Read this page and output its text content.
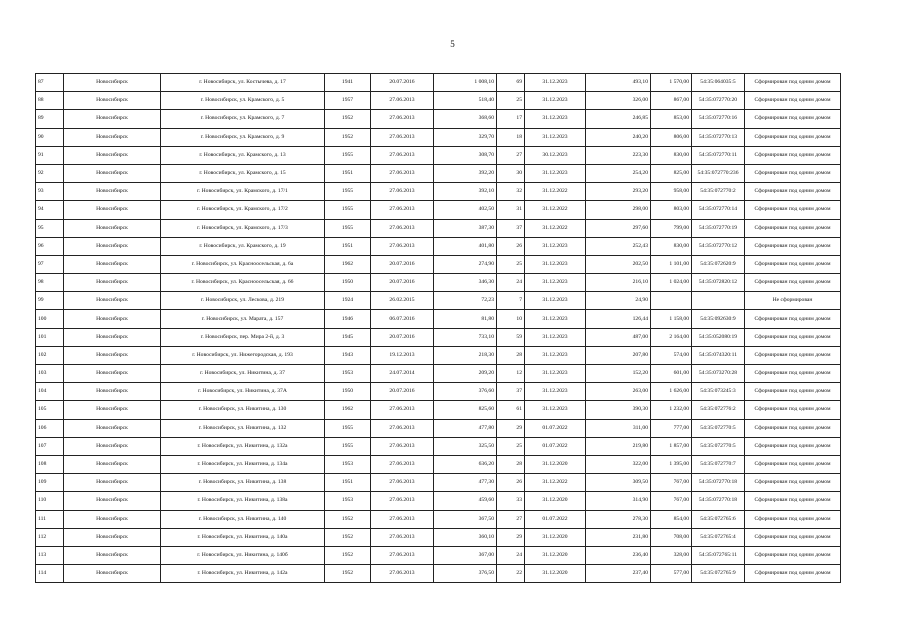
5
87	Новосибирск	г. Новосибирск, ул. Костычева, д. 17	1941	20.07.2016	1 008,10	69	31.12.2023	493,10	1 570,00	54:35:064035:5	Сформирован под одним домом
88	Новосибирск	г. Новосибирск, ул. Крамского, д. 5	1957	27.06.2013	518,40	25	31.12.2023	326,00	867,00	54:35:072770:20	Сформирован под одним домом
89	Новосибирск	г. Новосибирск, ул. Крамского, д. 7	1952	27.06.2013	368,60	17	31.12.2023	246,85	853,00	54:35:072770:16	Сформирован под одним домом
90	Новосибирск	г. Новосибирск, ул. Крамского, д. 9	1952	27.06.2013	329,70	18	31.12.2023	240,20	806,00	54:35:072770:13	Сформирован под одним домом
91	Новосибирск	г. Новосибирск, ул. Крамского, д. 13	1955	27.06.2013	308,70	27	30.12.2023	223,30	830,00	54:35:072770:11	Сформирован под одним домом
92	Новосибирск	г. Новосибирск, ул. Крамского, д. 15	1951	27.06.2013	392,20	30	31.12.2023	254,20	825,00	54:35:072770:236	Сформирован под одним домом
93	Новосибирск	г. Новосибирск, ул. Крамского, д. 17/1	1955	27.06.2013	392,10	32	31.12.2022	293,20	958,00	54:35:072770:2	Сформирован под одним домом
94	Новосибирск	г. Новосибирск, ул. Крамского, д. 17/2	1955	27.06.2013	402,50	31	31.12.2022	298,00	803,00	54:35:072770:14	Сформирован под одним домом
95	Новосибирск	г. Новосибирск, ул. Крамского, д. 17/3	1955	27.06.2013	387,30	37	31.12.2022	297,60	799,00	54:35:072770:19	Сформирован под одним домом
96	Новосибирск	г. Новосибирск, ул. Крамского, д. 19	1951	27.06.2013	401,80	26	31.12.2023	252,43	830,00	54:35:072770:12	Сформирован под одним домом
97	Новосибирск	г. Новосибирск, ул. Красноосельская, д. 6а	1962	20.07.2016	274,90	25	31.12.2023	202,50	1 101,00	54:35:072620:9	Сформирован под одним домом
98	Новосибирск	г. Новосибирск, ул. Красноосельская, д. 66	1950	20.07.2016	346,30	24	31.12.2023	216,10	1 024,00	54:35:072820:12	Сформирован под одним домом
99	Новосибирск	г. Новосибирск, ул. Лескова, д. 219	1924	26.02.2015	72,23	7	31.12.2023	24,90			Не сформирован
100	Новосибирск	г. Новосибирск, ул. Марата, д. 157	1946	06.07.2016	81,80	10	31.12.2023	126,44	1 158,00	54:35:092630:9	Сформирован под одним домом
101	Новосибирск	г. Новосибирск, пер. Мира 2-й, д. 3	1945	20.07.2016	733,10	59	31.12.2023	487,00	2 164,00	54:35:052080:19	Сформирован под одним домом
102	Новосибирск	г. Новосибирск, ул. Нижегородская, д. 193	1943	19.12.2013	218,30	28	31.12.2023	207,80	574,00	54:35:074320:11	Сформирован под одним домом
103	Новосибирск	г. Новосибирск, ул. Никитина, д. 37	1953	24.07.2014	209,20	12	31.12.2023	152,20	601,00	54:35:073270:28	Сформирован под одним домом
104	Новосибирск	г. Новосибирск, ул. Никитина, д. 37А	1950	20.07.2016	376,60	37	31.12.2023	263,00	1 626,00	54:35:073245:3	Сформирован под одним домом
105	Новосибирск	г. Новосибирск, ул. Никитина, д. 130	1962	27.06.2013	825,60	61	31.12.2023	390,30	1 232,00	54:35:072776:2	Сформирован под одним домом
106	Новосибирск	г. Новосибирск, ул. Никитина, д. 132	1955	27.06.2013	477,80	29	01.07.2022	311,00	777,00	54:35:072770:5	Сформирован под одним домом
107	Новосибирск	г. Новосибирск, ул. Никитина, д. 132а	1955	27.06.2013	325,50	25	01.07.2022	219,80	1 857,00	54:35:072770:5	Сформирован под одним домом
108	Новосибирск	г. Новосибирск, ул. Никитина, д. 134а	1953	27.06.2013	636,20	28	31.12.2020	322,00	1 395,00	54:35:072770:7	Сформирован под одним домом
109	Новосибирск	г. Новосибирск, ул. Никитина, д. 138	1951	27.06.2013	477,30	26	31.12.2022	309,50	767,00	54:35:072770:18	Сформирован под одним домом
110	Новосибирск	г. Новосибирск, ул. Никитина, д. 138а	1953	27.06.2013	459,60	33	31.12.2020	314,90	767,00	54:35:072770:18	Сформирован под одним домом
111	Новосибирск	г. Новосибирск, ул. Никитина, д. 140	1952	27.06.2013	367,50	27	01.07.2022	278,30	854,00	54:35:072765:6	Сформирован под одним домом
112	Новосибирск	г. Новосибирск, ул. Никитина, д. 140а	1952	27.06.2013	360,10	29	31.12.2020	231,80	708,00	54:35:072765:4	Сформирован под одним домом
113	Новосибирск	г. Новосибирск, ул. Никитина, д. 140б	1952	27.06.2013	367,00	24	31.12.2020	236,40	328,00	54:35:072765:11	Сформирован под одним домом
114	Новосибирск	г. Новосибирск, ул. Никитина, д. 142а	1952	27.06.2013	376,50	22	31.12.2020	237,40	577,00	54:35:072765:9	Сформирован под одним домом
